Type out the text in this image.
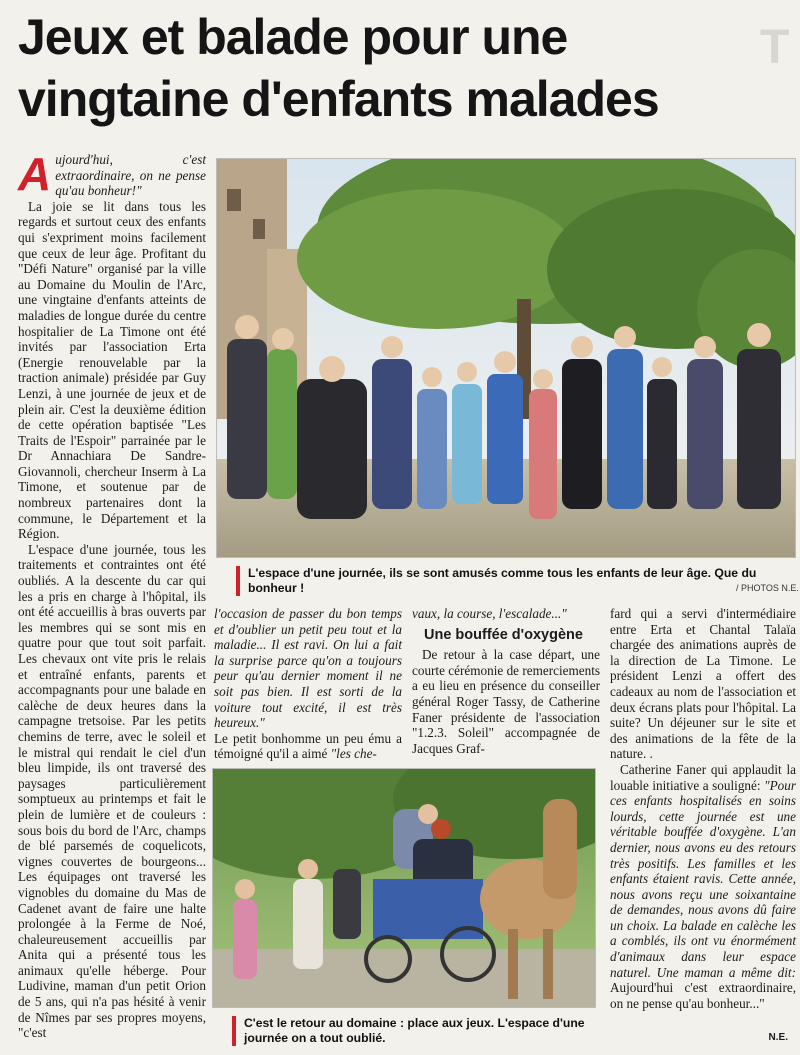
Jeux et balade pour une vingtaine d'enfants malades
T

Aujourd'hui, c'est extraordinaire, on ne pense qu'au bonheur!"

La joie se lit dans tous les regards et surtout ceux des enfants qui s'expriment moins facilement que ceux de leur âge. Profitant du "Défi Nature" organisé par la ville au Domaine du Moulin de l'Arc, une vingtaine d'enfants atteints de maladies de longue durée du centre hospitalier de La Timone ont été invités par l'association Erta (Energie renouvelable par la traction animale) présidée par Guy Lenzi, à une journée de jeux et de plein air. C'est la deuxième édition de cette opération baptisée "Les Traits de l'Espoir" parrainée par le Dr Annachiara De Sandre-Giovannoli, chercheur Inserm à La Timone, et soutenue par de nombreux partenaires dont la commune, le Département et la Région.

L'espace d'une journée, tous les traitements et contraintes ont été oubliés. A la descente du car qui les a pris en charge à l'hôpital, ils ont été accueillis à bras ouverts par les membres qui se sont mis en quatre pour que tout soit parfait. Les chevaux ont vite pris le relais et entraîné enfants, parents et accompagnants pour une balade en calèche de deux heures dans la campagne tretsoise. Par les petits chemins de terre, avec le soleil et le mistral qui rendait le ciel d'un bleu limpide, ils ont traversé des paysages particulièrement somptueux au printemps et fait le plein de lumière et de couleurs : sous bois du bord de l'Arc, champs de blé parsemés de coquelicots, vignes couvertes de bourgeons... Les équipages ont traversé les vignobles du domaine du Mas de Cadenet avant de faire une halte prolongée à la Ferme de Noé, chaleureusement accueillis par Anita qui a présenté tous les animaux qu'elle héberge. Pour Ludivine, maman d'un petit Orion de 5 ans, qui n'a pas hésité à venir de Nîmes par ses propres moyens, "c'est

L'espace d'une journée, ils se sont amusés comme tous les enfants de leur âge. Que du bonheur !	/ PHOTOS N.E.

l'occasion de passer du bon temps et d'oublier un petit peu tout et la maladie... Il est ravi. On lui a fait la surprise parce qu'on a toujours peur qu'au dernier moment il ne soit pas bien. Il est sorti de la voiture tout excité, il est très heureux."

Le petit bonhomme un peu ému a témoigné qu'il a aimé "les che-

vaux, la course, l'escalade..."

Une bouffée d'oxygène

De retour à la case départ, une courte cérémonie de remerciements a eu lieu en présence du conseiller général Roger Tassy, de Catherine Faner présidente de l'association "1.2.3. Soleil" accompagnée de Jacques Graf-

fard qui a servi d'intermédiaire entre Erta et Chantal Talaïa chargée des animations auprès de la direction de La Timone. Le président Lenzi a offert des cadeaux au nom de l'association et deux écrans plats pour l'hôpital. La suite? Un déjeuner sur le site et des animations de la fête de la nature. .

Catherine Faner qui applaudit la louable initiative a souligné: "Pour ces enfants hospitalisés en soins lourds, cette journée est une véritable bouffée d'oxygène. L'an dernier, nous avons eu des retours très positifs. Les familles et les enfants étaient ravis. Cette année, nous avons reçu une soixantaine de demandes, nous avons dû faire un choix. La balade en calèche les a comblés, ils ont vu énormément d'animaux dans leur espace naturel. Une maman a même dit: Aujourd'hui c'est extraordinaire, on ne pense qu'au bonheur..."

C'est le retour au domaine : place aux jeux. L'espace d'une journée on a tout oublié.	N.E.
